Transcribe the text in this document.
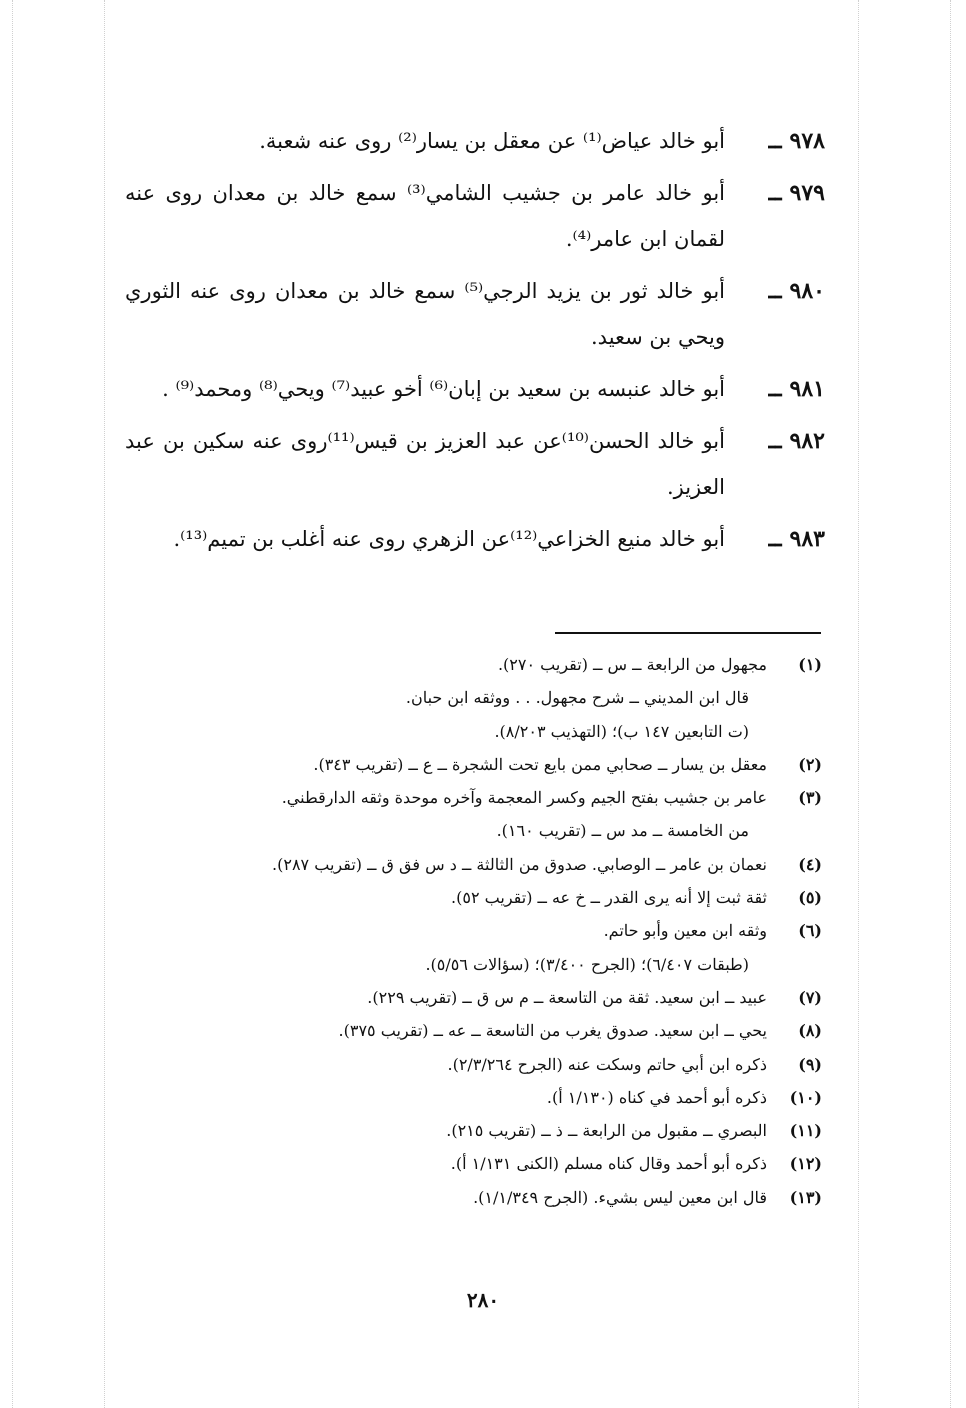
٩٧٨ــ
أبو خالد عياض⁽¹⁾ عن معقل بن يسار⁽²⁾ روى عنه شعبة.
٩٧٩ــ
أبو خالد عامر بن جشيب الشامي⁽³⁾ سمع خالد بن معدان روى عنه لقمان ابن عامر⁽⁴⁾.
٩٨٠ــ
أبو خالد ثور بن يزيد الرجي⁽⁵⁾ سمع خالد بن معدان روى عنه الثوري ويحي بن سعيد.
٩٨١ــ
أبو خالد عنبسه بن سعيد بن إبان⁽⁶⁾ أخو عبيد⁽⁷⁾ ويحي⁽⁸⁾ ومحمد⁽⁹⁾ .
٩٨٢ــ
أبو خالد الحسن⁽¹⁰⁾عن عبد العزيز بن قيس⁽¹¹⁾روى عنه سكين بن عبد العزيز.
٩٨٣ــ
أبو خالد منيع الخزاعي⁽¹²⁾عن الزهري روى عنه أغلب بن تميم⁽¹³⁾.
(١)
مجهول من الرابعة ــ س ــ (تقريب ٢٧٠).
قال ابن المديني ــ شرح مجهول. . . ووثقه ابن حبان.
(ت التابعين ١٤٧ ب)؛ (التهذيب ٨/٢٠٣).
(٢)
معقل بن يسار ــ صحابي ممن بايع تحت الشجرة ــ ع ــ (تقريب ٣٤٣).
(٣)
عامر بن جشيب بفتح الجيم وكسر المعجمة وآخره موحدة وثقه الدارقطني.
من الخامسة ــ مد س ــ (تقريب ١٦٠).
(٤)
نعمان بن عامر ــ الوصابي. صدوق من الثالثة ــ د س فق ق ــ (تقريب ٢٨٧).
(٥)
ثقة ثبت إلا أنه يرى القدر ــ خ عه ــ (تقريب ٥٢).
(٦)
وثقه ابن معين وأبو حاتم.
(طبقات ٦/٤٠٧)؛ (الجرح ٣/٤٠٠)؛ (سؤالات ٥/٥٦).
(٧)
عبيد ــ ابن سعيد. ثقة من التاسعة ــ م س ق ــ (تقريب ٢٢٩).
(٨)
يحي ــ ابن سعيد. صدوق يغرب من التاسعة ــ عه ــ (تقريب ٣٧٥).
(٩)
ذكره ابن أبي حاتم وسكت عنه (الجرح ٢/٣/٢٦٤).
(١٠)
ذكره أبو أحمد في كناه (١/١٣٠ أ).
(١١)
البصري ــ مقبول من الرابعة ــ ذ ــ (تقريب ٢١٥).
(١٢)
ذكره أبو أحمد وقال كناه مسلم (الكنى ١/١٣١ أ).
(١٣)
قال ابن معين ليس بشيء. (الجرح ١/١/٣٤٩).
٢٨٠
